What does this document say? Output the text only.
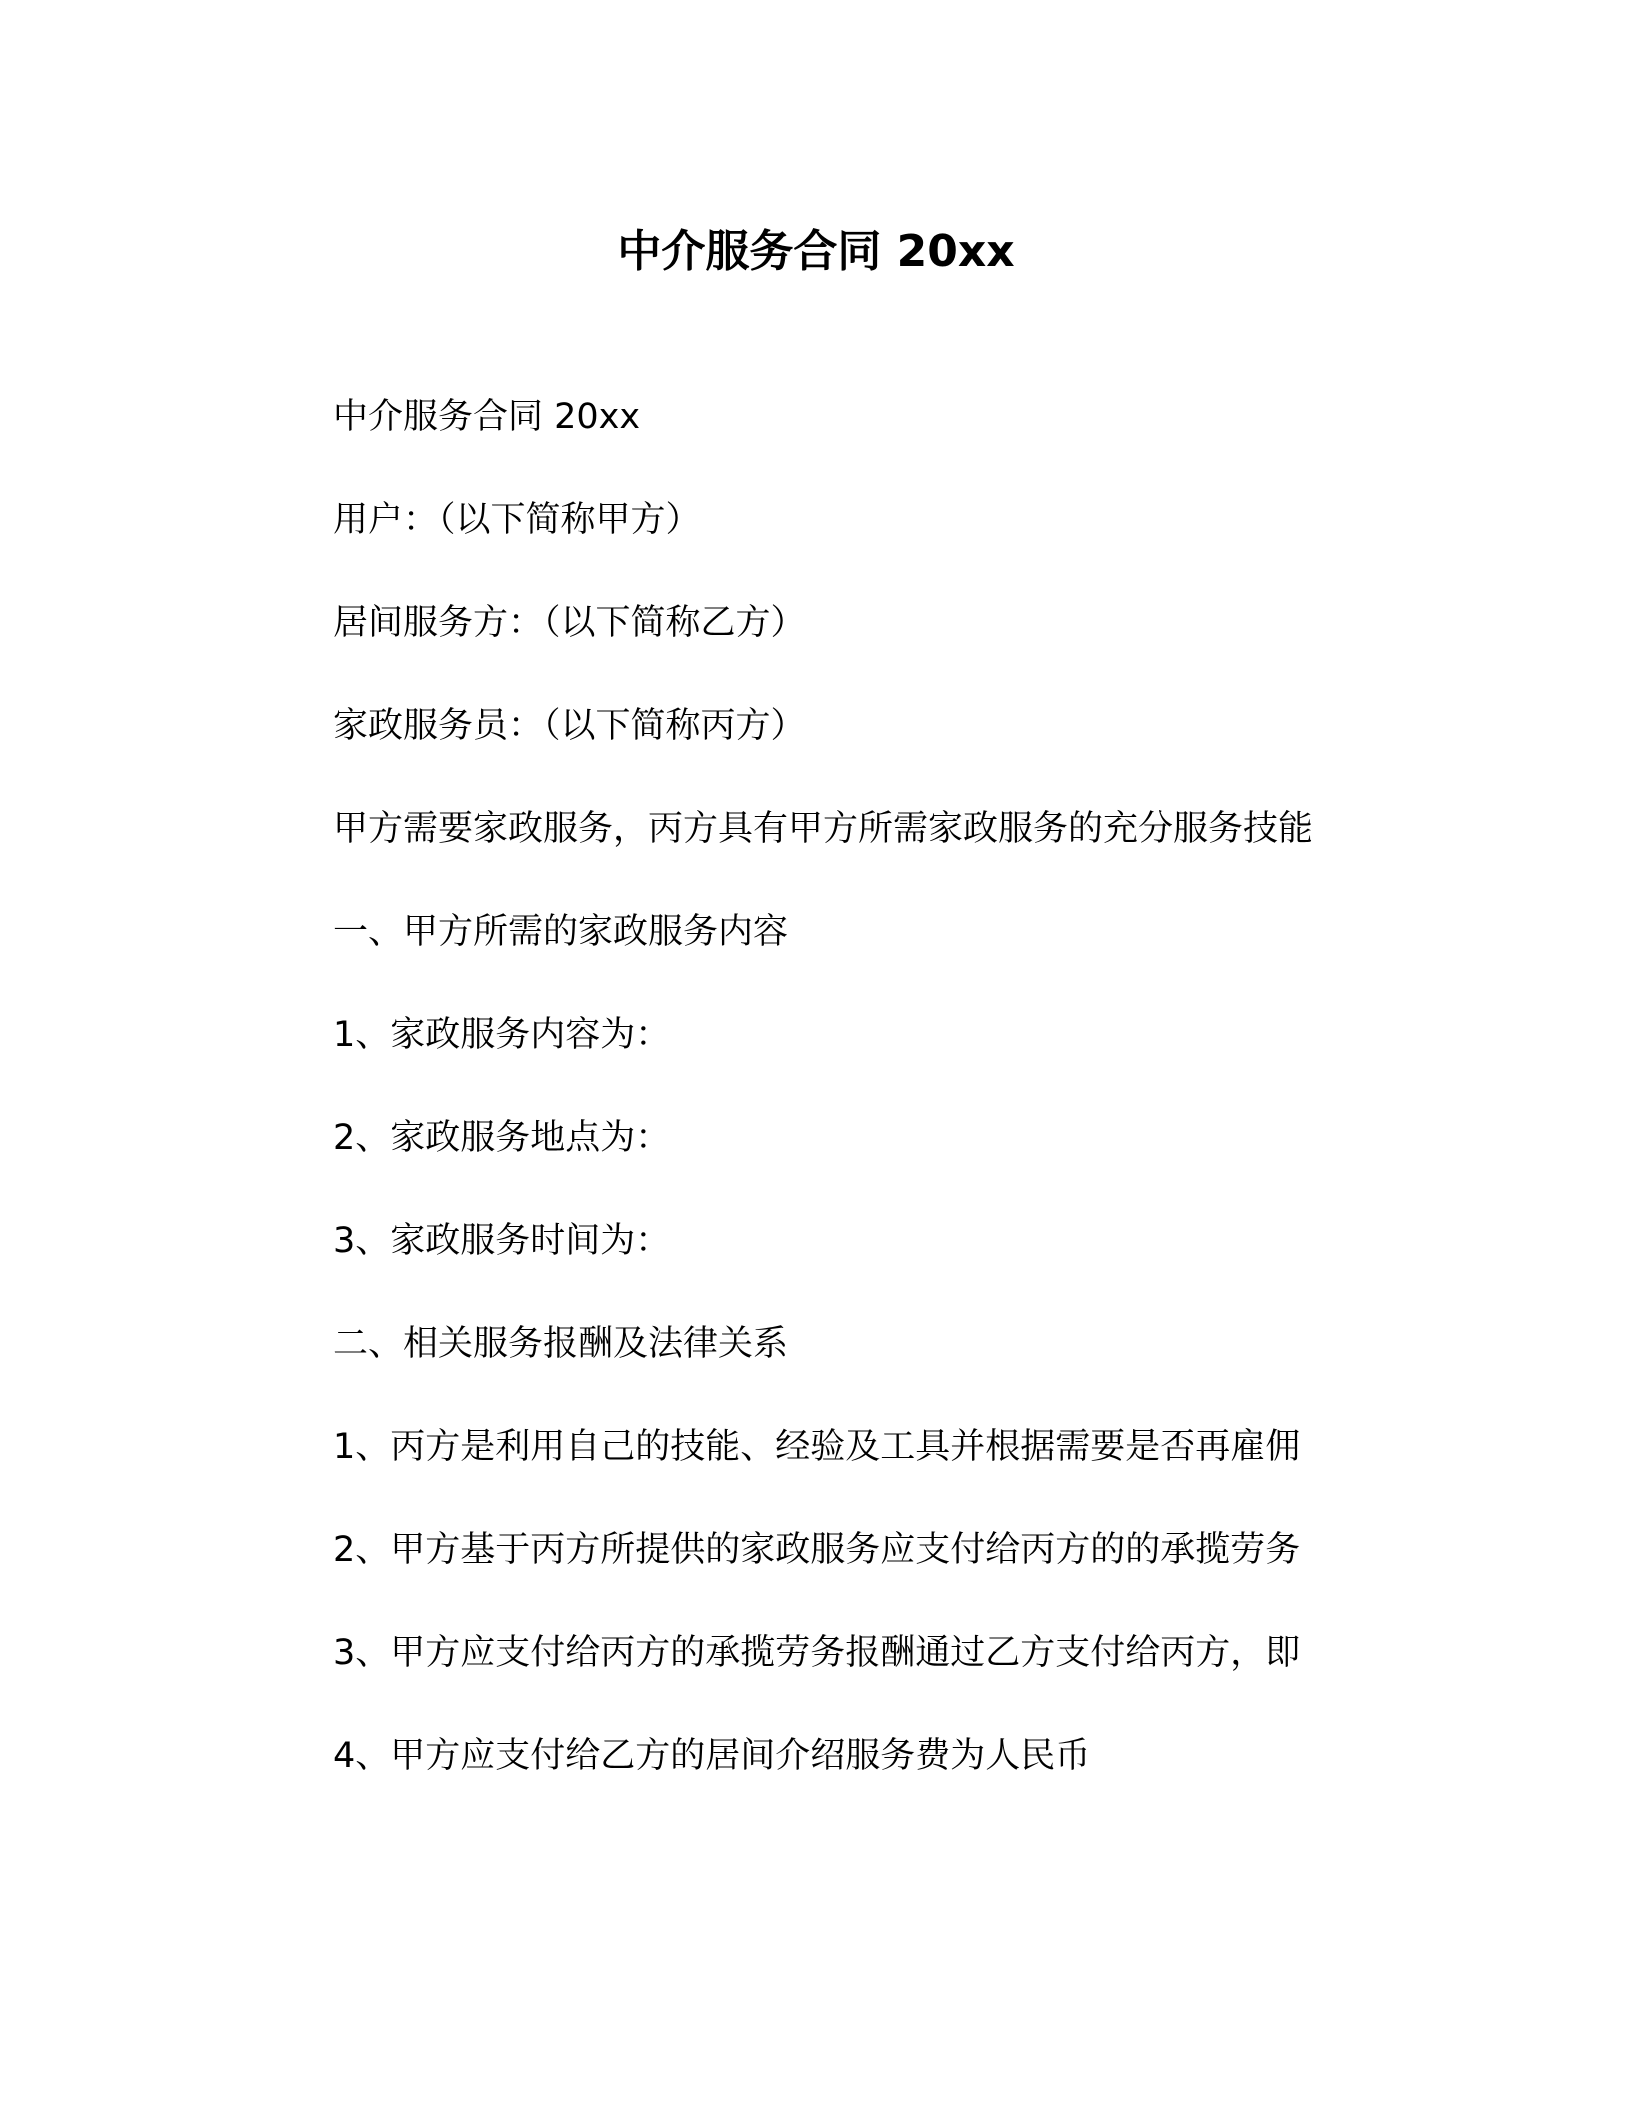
中介服务合同 20xx

中介服务合同 20xx

用户：（以下简称甲方）

居间服务方：（以下简称乙方）

家政服务员：（以下简称丙方）

甲方需要家政服务，丙方具有甲方所需家政服务的充分服务技能

一、甲方所需的家政服务内容

1、家政服务内容为：

2、家政服务地点为：

3、家政服务时间为：

二、相关服务报酬及法律关系

1、丙方是利用自己的技能、经验及工具并根据需要是否再雇佣

2、甲方基于丙方所提供的家政服务应支付给丙方的的承揽劳务

3、甲方应支付给丙方的承揽劳务报酬通过乙方支付给丙方，即

4、甲方应支付给乙方的居间介绍服务费为人民币
